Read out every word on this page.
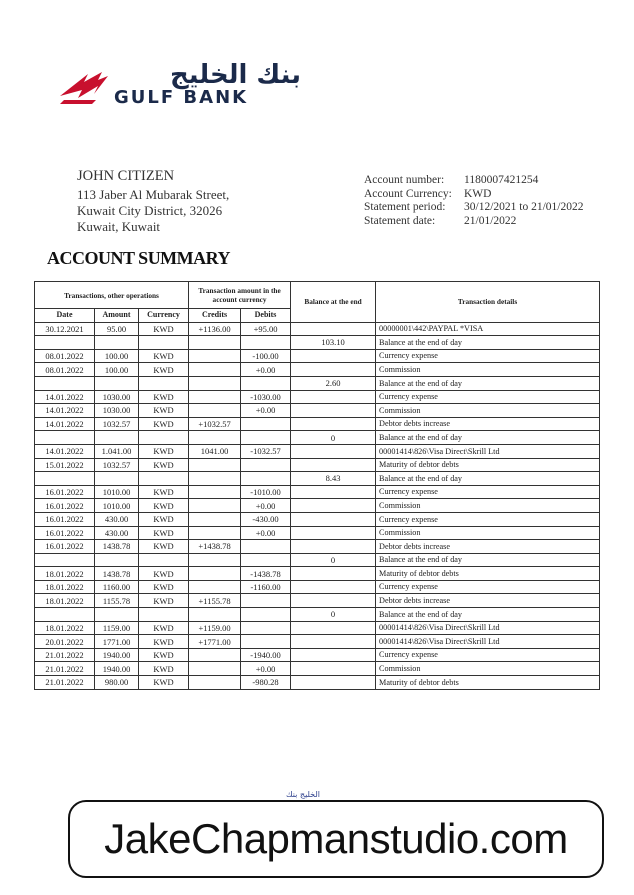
بنك الخليج
GULF BANK
JOHN CITIZEN
113 Jaber Al Mubarak Street,
Kuwait City District, 32026
Kuwait, Kuwait
Account number:	1180007421254
Account Currency:	KWD
Statement period:	30/12/2021 to 21/01/2022
Statement date:	21/01/2022
ACCOUNT SUMMARY
Transactions, other operations			Transaction amount in the account currency		Balance at the end	Transaction details
Date	Amount	Currency	Credits	Debits		
30.12.2021	95.00	KWD	+1136.00	+95.00		00000001\442\PAYPAL *VISA
					103.10	Balance at the end of day
08.01.2022	100.00	KWD		-100.00		Currency expense
08.01.2022	100.00	KWD		+0.00		Commission
					2.60	Balance at the end of day
14.01.2022	1030.00	KWD		-1030.00		Currency expense
14.01.2022	1030.00	KWD		+0.00		Commission
14.01.2022	1032.57	KWD	+1032.57			Debtor debts increase
					0	Balance at the end of day
14.01.2022	1.041.00	KWD	1041.00	-1032.57		00001414\826\Visa Direct\Skrill Ltd
15.01.2022	1032.57	KWD				Maturity of debtor debts
					8.43	Balance at the end of day
16.01.2022	1010.00	KWD		-1010.00		Currency expense
16.01.2022	1010.00	KWD		+0.00		Commission
16.01.2022	430.00	KWD		-430.00		Currency expense
16.01.2022	430.00	KWD		+0.00		Commission
16.01.2022	1438.78	KWD	+1438.78			Debtor debts increase
					0	Balance at the end of day
18.01.2022	1438.78	KWD		-1438.78		Maturity of debtor debts
18.01.2022	1160.00	KWD		-1160.00		Currency expense
18.01.2022	1155.78	KWD	+1155.78			Debtor debts increase
					0	Balance at the end of day
18.01.2022	1159.00	KWD	+1159.00			00001414\826\Visa Direct\Skrill Ltd
20.01.2022	1771.00	KWD	+1771.00			00001414\826\Visa Direct\Skrill Ltd
21.01.2022	1940.00	KWD		-1940.00		Currency expense
21.01.2022	1940.00	KWD		+0.00		Commission
21.01.2022	980.00	KWD		-980.28		Maturity of debtor debts
الخليج بنك
JakeChapmanstudio.com
